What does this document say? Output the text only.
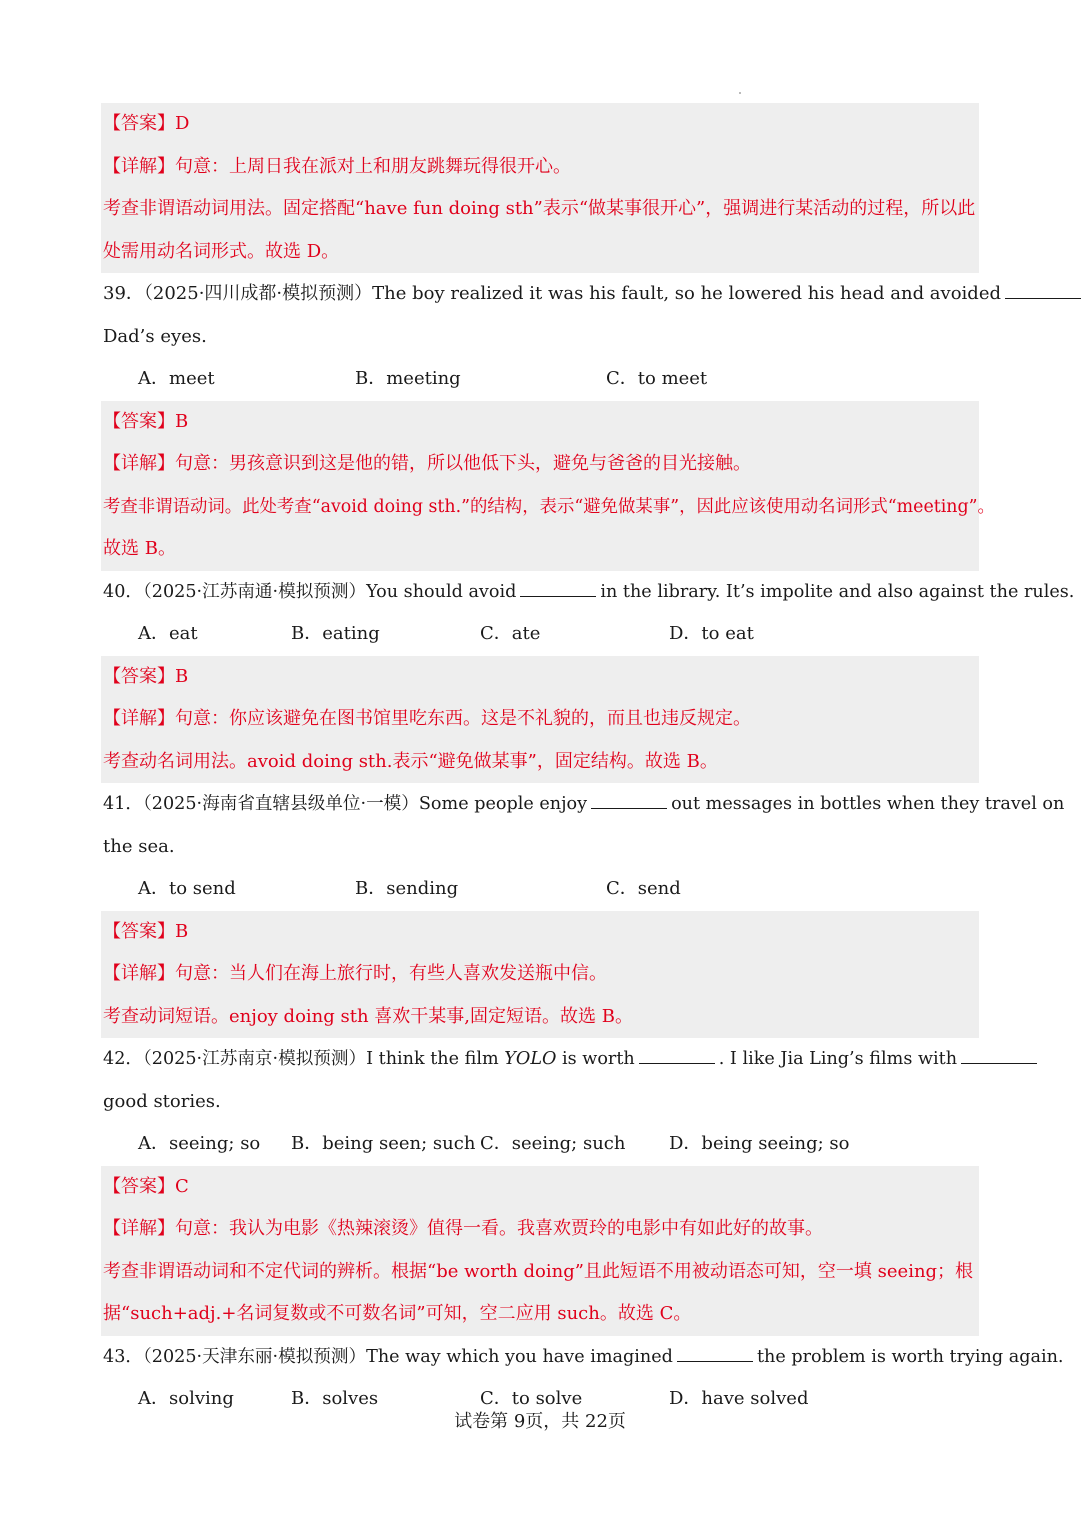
【答案】D
【详解】句意：上周日我在派对上和朋友跳舞玩得很开心。
考查非谓语动词用法。固定搭配“have fun doing sth”表示“做某事很开心”，强调进行某活动的过程，所以此
处需用动名词形式。故选 D。
39．（2025·四川成都·模拟预测）The boy realized it was his fault, so he lowered his head and avoided
Dad’s eyes.
A．meet	B．meeting	C．to meet
【答案】B
【详解】句意：男孩意识到这是他的错，所以他低下头，避免与爸爸的目光接触。
考查非谓语动词。此处考查“avoid doing sth.”的结构，表示“避免做某事”，因此应该使用动名词形式“meeting”。
故选 B。
40．（2025·江苏南通·模拟预测）You should avoid	in the library. It’s impolite and also against the rules.
A．eat	B．eating	C．ate	D．to eat
【答案】B
【详解】句意：你应该避免在图书馆里吃东西。这是不礼貌的，而且也违反规定。
考查动名词用法。avoid doing sth.表示“避免做某事”，固定结构。故选 B。
41．（2025·海南省直辖县级单位·一模）Some people enjoy	out messages in bottles when they travel on
the sea.
A．to send	B．sending	C．send
【答案】B
【详解】句意：当人们在海上旅行时，有些人喜欢发送瓶中信。
考查动词短语。enjoy doing sth 喜欢干某事,固定短语。故选 B。
42．（2025·江苏南京·模拟预测）I think the film YOLO is worth	. I like Jia Ling’s films with
good stories.
A．seeing; so B．being seen; such C．seeing; such D．being seeing; so
【答案】C
【详解】句意：我认为电影《热辣滚烫》值得一看。我喜欢贾玲的电影中有如此好的故事。
考查非谓语动词和不定代词的辨析。根据“be worth doing”且此短语不用被动语态可知，空一填 seeing；根
据“such+adj.+名词复数或不可数名词”可知，空二应用 such。故选 C。
43．（2025·天津东丽·模拟预测）The way which you have imagined	the problem is worth trying again.
A．solving	B．solves	C．to solve	D．have solved
试卷第 9页，共 22页
